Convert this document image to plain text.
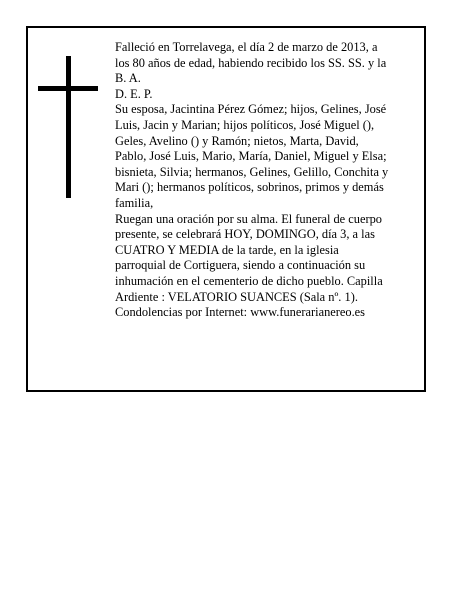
Falleció en Torrelavega, el día 2 de marzo de 2013, a los 80 años de edad, habiendo recibido los SS. SS. y la B. A.

D. E. P.

Su esposa, Jacintina Pérez Gómez; hijos, Gelines, José Luis, Jacin y Marian; hijos políticos, José Miguel (), Geles, Avelino () y Ramón; nietos, Marta, David, Pablo, José Luis, Mario, María, Daniel, Miguel y Elsa; bisnieta, Silvia; hermanos, Gelines, Gelillo, Conchita y Mari (); hermanos políticos, sobrinos, primos y demás familia,

Ruegan una oración por su alma. El funeral de cuerpo presente, se celebrará HOY, DOMINGO, día 3, a las CUATRO Y MEDIA de la tarde, en la iglesia parroquial de Cortiguera, siendo a continuación su inhumación en el cementerio de dicho pueblo. Capilla Ardiente : VELATORIO SUANCES (Sala nº. 1).

Condolencias por Internet: www.funerarianereo.es
